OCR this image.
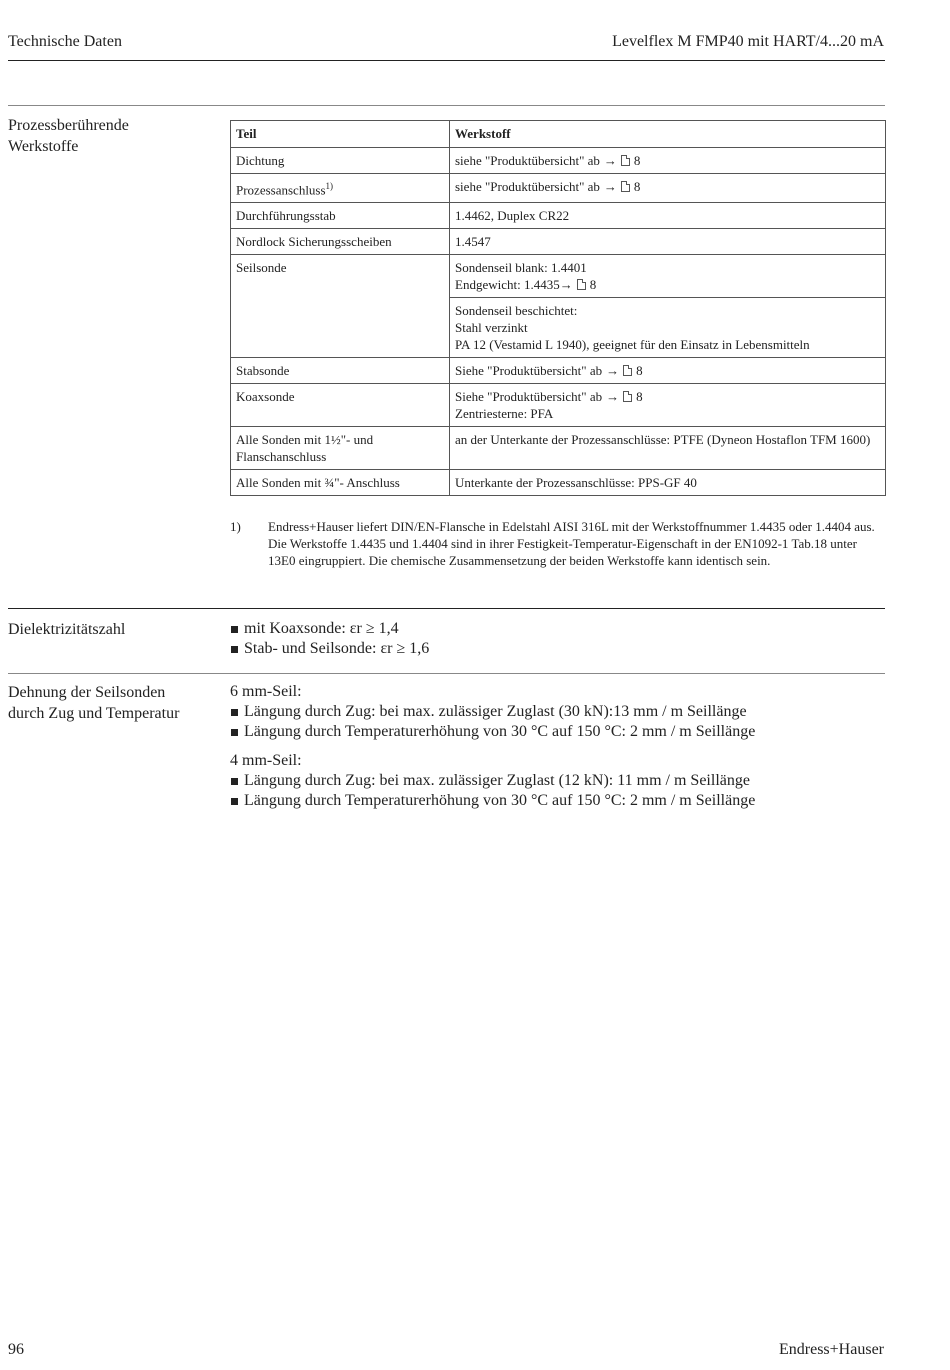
Technische Daten	Levelflex M FMP40 mit HART/4...20 mA
Prozessberührende
Werkstoffe
Teil	Werkstoff
Dichtung	siehe "Produktübersicht" ab → 8
Prozessanschluss$^{1)}$	siehe "Produktübersicht" ab → 8
Durchführungsstab	1.4462, Duplex CR22
Nordlock Sicherungsscheiben	1.4547
Seilsonde	Sondenseil blank: 1.4401
Endgewicht: 1.4435→ 8

	Sondenseil beschichtet:
Stahl verzinkt
PA 12 (Vestamid L 1940), geeignet für den Einsatz in Lebensmitteln

Stabsonde	Siehe "Produktübersicht" ab → 8
Koaxsonde	Siehe "Produktübersicht" ab → 8
Zentriesterne: PFA

Alle Sonden mit 1½"- und
Flanschanschluss	an der Unterkante der Prozessanschlüsse: PTFE (Dyneon Hostaflon TFM 1600)
Alle Sonden mit ¾"- Anschluss	Unterkante der Prozessanschlüsse: PPS-GF 40
1) Endress+Hauser liefert DIN/EN-Flansche in Edelstahl AISI 316L mit der Werkstoffnummer 1.4435 oder 1.4404 aus. Die Werkstoffe 1.4435 und 1.4404 sind in ihrer Festigkeit-Temperatur-Eigenschaft in der EN1092-1 Tab.18 unter 13E0 eingruppiert. Die chemische Zusammensetzung der beiden Werkstoffe kann identisch sein.
Dielektrizitätszahl	mit Koaxsonde: εr ≥ 1,4
Stab- und Seilsonde: εr ≥ 1,6
Dehnung der Seilsonden
durch Zug und Temperatur
6 mm-Seil:
Längung durch Zug: bei max. zulässiger Zuglast (30 kN):13 mm / m Seillänge
Längung durch Temperaturerhöhung von 30 °C auf 150 °C: 2 mm / m Seillänge
4 mm-Seil:
Längung durch Zug: bei max. zulässiger Zuglast (12 kN): 11 mm / m Seillänge
Längung durch Temperaturerhöhung von 30 °C auf 150 °C: 2 mm / m Seillänge
96	Endress+Hauser
